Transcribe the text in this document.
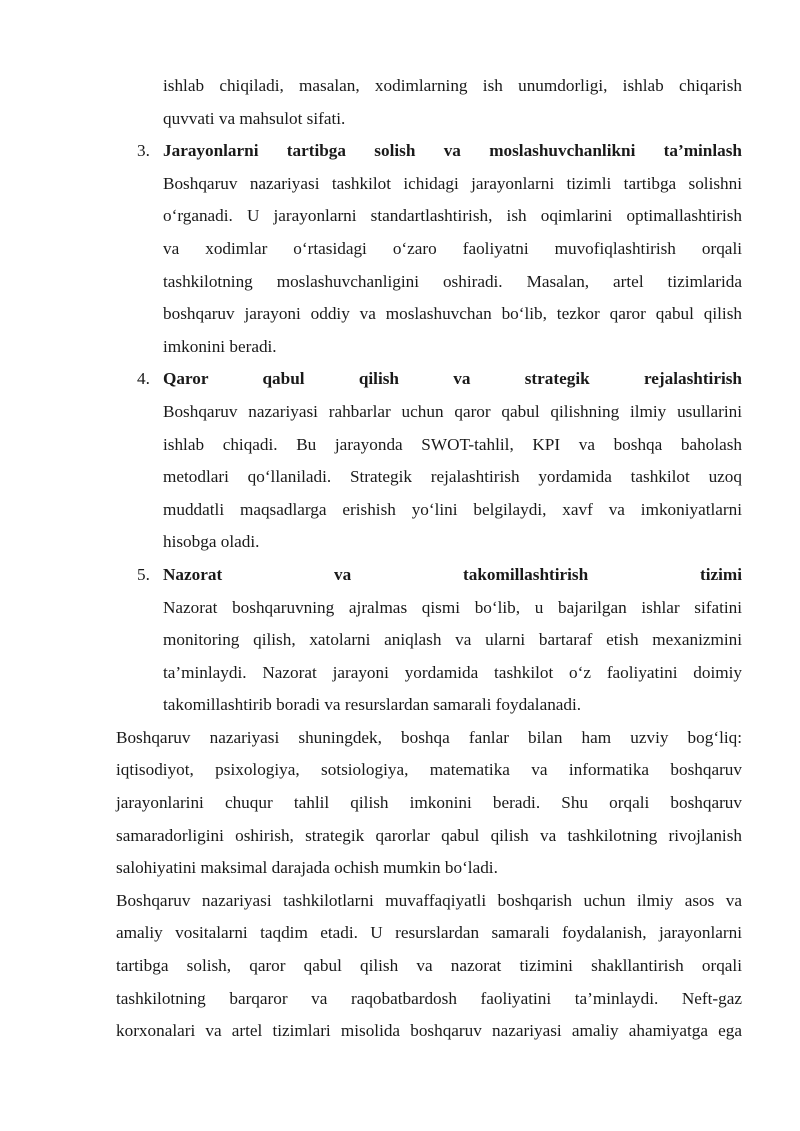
ishlab chiqiladi, masalan, xodimlarning ish unumdorligi, ishlab chiqarish
quvvati va mahsulot sifati.
3. Jarayonlarni tartibga solish va moslashuvchanlikni ta’minlash
Boshqaruv nazariyasi tashkilot ichidagi jarayonlarni tizimli tartibga solishni
o‘rganadi. U jarayonlarni standartlashtirish, ish oqimlarini optimallashtirish
va xodimlar o‘rtasidagi o‘zaro faoliyatni muvofiqlashtirish orqali
tashkilotning moslashuvchanligini oshiradi. Masalan, artel tizimlarida
boshqaruv jarayoni oddiy va moslashuvchan bo‘lib, tezkor qaror qabul qilish
imkonini beradi.
4. Qaror qabul qilish va strategik rejalashtirish
Boshqaruv nazariyasi rahbarlar uchun qaror qabul qilishning ilmiy usullarini
ishlab chiqadi. Bu jarayonda SWOT-tahlil, KPI va boshqa baholash
metodlari qo‘llaniladi. Strategik rejalashtirish yordamida tashkilot uzoq
muddatli maqsadlarga erishish yo‘lini belgilaydi, xavf va imkoniyatlarni
hisobga oladi.
5. Nazorat va takomillashtirish tizimi
Nazorat boshqaruvning ajralmas qismi bo‘lib, u bajarilgan ishlar sifatini
monitoring qilish, xatolarni aniqlash va ularni bartaraf etish mexanizmini
ta’minlaydi. Nazorat jarayoni yordamida tashkilot o‘z faoliyatini doimiy
takomillashtirib boradi va resurslardan samarali foydalanadi.
Boshqaruv nazariyasi shuningdek, boshqa fanlar bilan ham uzviy bog‘liq:
iqtisodiyot, psixologiya, sotsiologiya, matematika va informatika boshqaruv
jarayonlarini chuqur tahlil qilish imkonini beradi. Shu orqali boshqaruv
samaradorligini oshirish, strategik qarorlar qabul qilish va tashkilotning rivojlanish
salohiyatini maksimal darajada ochish mumkin bo‘ladi.
Boshqaruv nazariyasi tashkilotlarni muvaffaqiyatli boshqarish uchun ilmiy asos va
amaliy vositalarni taqdim etadi. U resurslardan samarali foydalanish, jarayonlarni
tartibga solish, qaror qabul qilish va nazorat tizimini shakllantirish orqali
tashkilotning barqaror va raqobatbardosh faoliyatini ta’minlaydi. Neft-gaz
korxonalari va artel tizimlari misolida boshqaruv nazariyasi amaliy ahamiyatga ega
